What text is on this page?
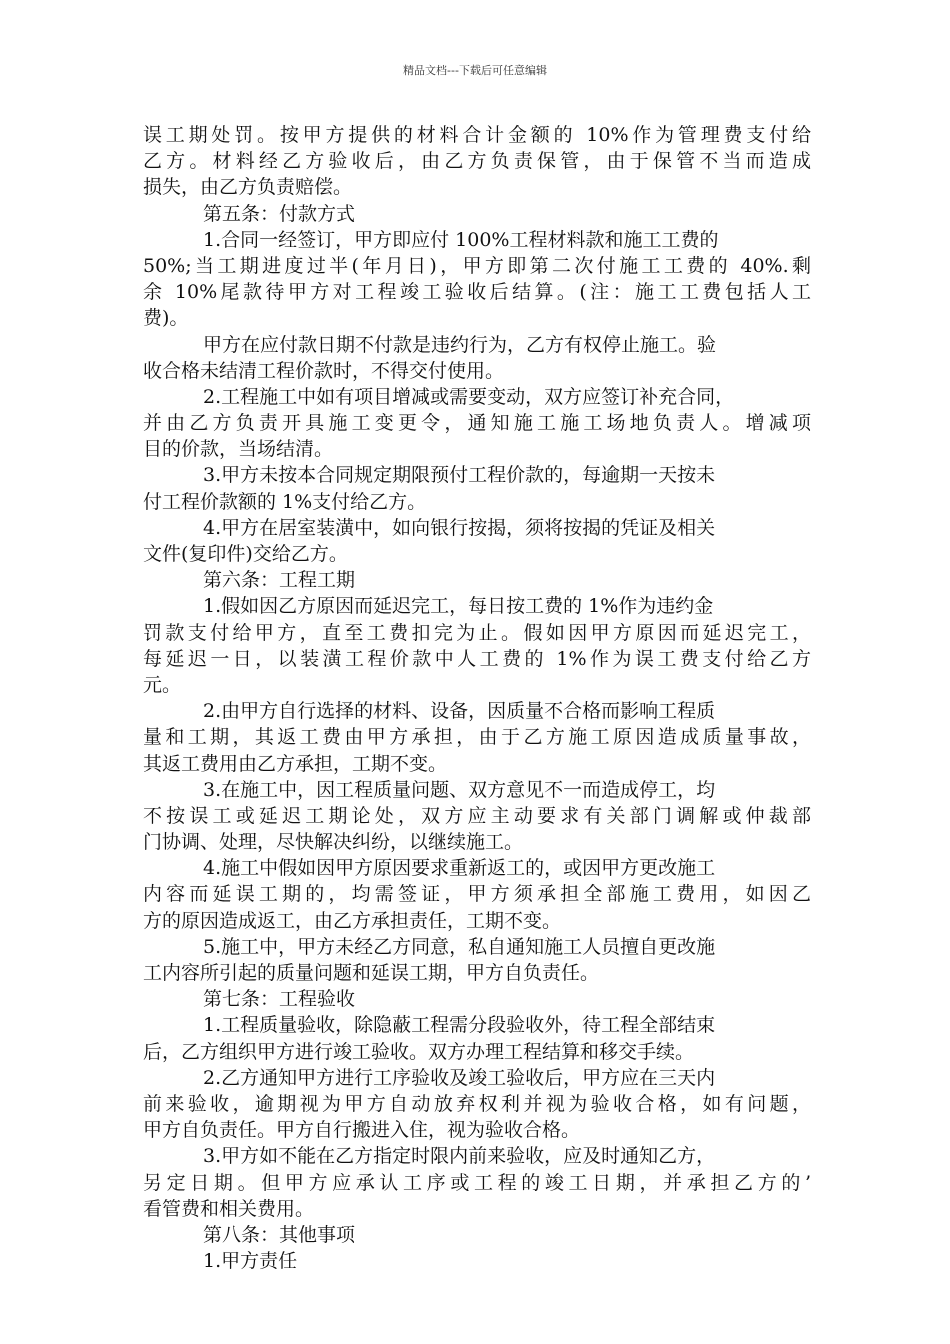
精品文档---下载后可任意编辑
误工期处罚。按甲方提供的材料合计金额的 10%作为管理费支付给
乙方。材料经乙方验收后，由乙方负责保管，由于保管不当而造成
损失，由乙方负责赔偿。
第五条：付款方式
1.合同一经签订，甲方即应付 100%工程材料款和施工工费的
50%;当工期进度过半(年月日)，甲方即第二次付施工工费的 40%.剩
余 10%尾款待甲方对工程竣工验收后结算。(注：施工工费包括人工
费)。
甲方在应付款日期不付款是违约行为，乙方有权停止施工。验
收合格未结清工程价款时，不得交付使用。
2.工程施工中如有项目增减或需要变动，双方应签订补充合同，
并由乙方负责开具施工变更令，通知施工施工场地负责人。增减项
目的价款，当场结清。
3.甲方未按本合同规定期限预付工程价款的，每逾期一天按未
付工程价款额的 1%支付给乙方。
4.甲方在居室装潢中，如向银行按揭，须将按揭的凭证及相关
文件(复印件)交给乙方。
第六条：工程工期
1.假如因乙方原因而延迟完工，每日按工费的 1%作为违约金
罚款支付给甲方，直至工费扣完为止。假如因甲方原因而延迟完工，
每延迟一日，以装潢工程价款中人工费的 1%作为误工费支付给乙方
元。
2.由甲方自行选择的材料、设备，因质量不合格而影响工程质
量和工期，其返工费由甲方承担，由于乙方施工原因造成质量事故，
其返工费用由乙方承担，工期不变。
3.在施工中，因工程质量问题、双方意见不一而造成停工，均
不按误工或延迟工期论处，双方应主动要求有关部门调解或仲裁部
门协调、处理，尽快解决纠纷，以继续施工。
4.施工中假如因甲方原因要求重新返工的，或因甲方更改施工
内容而延误工期的，均需签证，甲方须承担全部施工费用，如因乙
方的原因造成返工，由乙方承担责任，工期不变。
5.施工中，甲方未经乙方同意，私自通知施工人员擅自更改施
工内容所引起的质量问题和延误工期，甲方自负责任。
第七条：工程验收
1.工程质量验收，除隐蔽工程需分段验收外，待工程全部结束
后，乙方组织甲方进行竣工验收。双方办理工程结算和移交手续。
2.乙方通知甲方进行工序验收及竣工验收后，甲方应在三天内
前来验收，逾期视为甲方自动放弃权利并视为验收合格，如有问题，
甲方自负责任。甲方自行搬进入住，视为验收合格。
3.甲方如不能在乙方指定时限内前来验收，应及时通知乙方，
另定日期。但甲方应承认工序或工程的竣工日期，并承担乙方的’
看管费和相关费用。
第八条：其他事项
1.甲方责任
